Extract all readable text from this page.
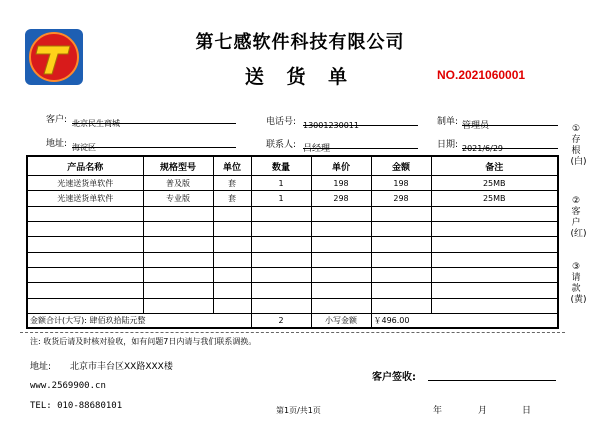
第七感软件科技有限公司
送 货 单	NO.2021060001
客户: 北京民生商城	电话号: 13001230011	制单: 管理员
地址: 海淀区	联系人: 吕经理	日期: 2021/6/29
产品名称	规格型号	单位	数量	单价	金额	备注
光速送货单软件	普及版	套	1	198	198	25MB
光速送货单软件	专业版	套	1	298	298	25MB

金额合计(大写): 肆佰玖拾陆元整			2	小写金额	￥496.00	
①存根(白)
②客户(红)
③请款(黄)
注: 收货后请及时核对验收，如有问题7日内请与我们联系调换。
地址: 北京市丰台区XX路XXX楼
www.2569900.cn
TEL: 010-88680101
客户签收:
第1页/共1页	年	月	日
